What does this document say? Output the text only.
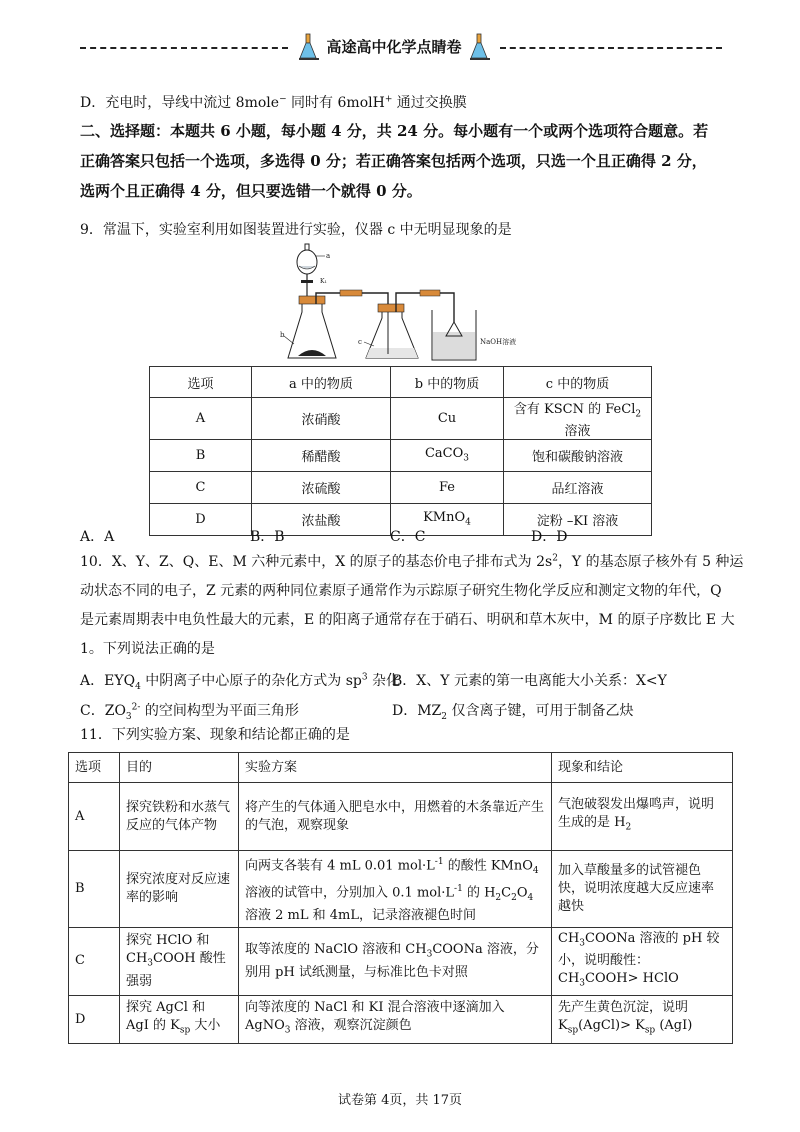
高途高中化学点睛卷
D．充电时，导线中流过 8mole− 同时有 6molH+ 通过交换膜
二、选择题：本题共 6 小题，每小题 4 分，共 24 分。每小题有一个或两个选项符合题意。若
正确答案只包括一个选项，多选得 0 分；若正确答案包括两个选项，只选一个且正确得 2 分，
选两个且正确得 4 分，但只要选错一个就得 0 分。
9．常温下，实验室利用如图装置进行实验，仪器 c 中无明显现象的是
a
K₁
b
c	NaOH溶液
选项	a 中的物质	b 中的物质	c 中的物质
A	浓硝酸	Cu	含有 KSCN 的 FeCl$_2$ 溶液
B	稀醋酸	CaCO$_3$	饱和碳酸钠溶液
C	浓硫酸	Fe	品红溶液
D	浓盐酸	KMnO$_4$	淀粉 –KI 溶液
A．A	B．B	C．C	D．D
10．X、Y、Z、Q、E、M 六种元素中，X 的原子的基态价电子排布式为 $2s^2$，Y 的基态原子核外有 5 种运
动状态不同的电子，Z 元素的两种同位素原子通常作为示踪原子研究生物化学反应和测定文物的年代，Q
是元素周期表中电负性最大的元素，E 的阳离子通常存在于硝石、明矾和草木灰中，M 的原子序数比 E 大
1。下列说法正确的是
A．$EYQ_4$ 中阴离子中心原子的杂化方式为 $sp^3$ 杂化
B．X、Y 元素的第一电离能大小关系：X<Y
C．$ZO_3^{2-}$ 的空间构型为平面三角形	D．$MZ_2$ 仅含离子键，可用于制备乙炔
11．下列实验方案、现象和结论都正确的是
选项	目的	实验方案	现象和结论
A	探究铁粉和水蒸气反应的气体产物	将产生的气体通入肥皂水中，用燃着的木条靠近产生的气泡，观察现象	气泡破裂发出爆鸣声，说明生成的是 $H_2$
B	探究浓度对反应速率的影响	向两支各装有 4 mL 0.01 $mol\cdot L^{-1}$ 的酸性 KMnO$_4$ 溶液的试管中，分别加入 0.1 $mol\cdot L^{-1}$ 的 $H_2C_2O_4$ 溶液 2 mL 和 4mL，记录溶液褪色时间	加入草酸量多的试管褪色快，说明浓度越大反应速率越快
C	探究 HClO 和 $CH_3COOH$ 酸性强弱	取等浓度的 NaClO 溶液和 $CH_3COONa$ 溶液，分别用 pH 试纸测量，与标准比色卡对照	$CH_3COONa$ 溶液的 pH 较小，说明酸性：$CH_3COOH>$ HClO
D	探究 AgCl 和 AgI 的 $K_{sp}$ 大小	向等浓度的 NaCl 和 KI 混合溶液中逐滴加入 AgNO$_3$ 溶液，观察沉淀颜色	先产生黄色沉淀，说明 $K_{sp}(AgCl)> K_{sp}$ (AgI)
试卷第 4页，共 17页
